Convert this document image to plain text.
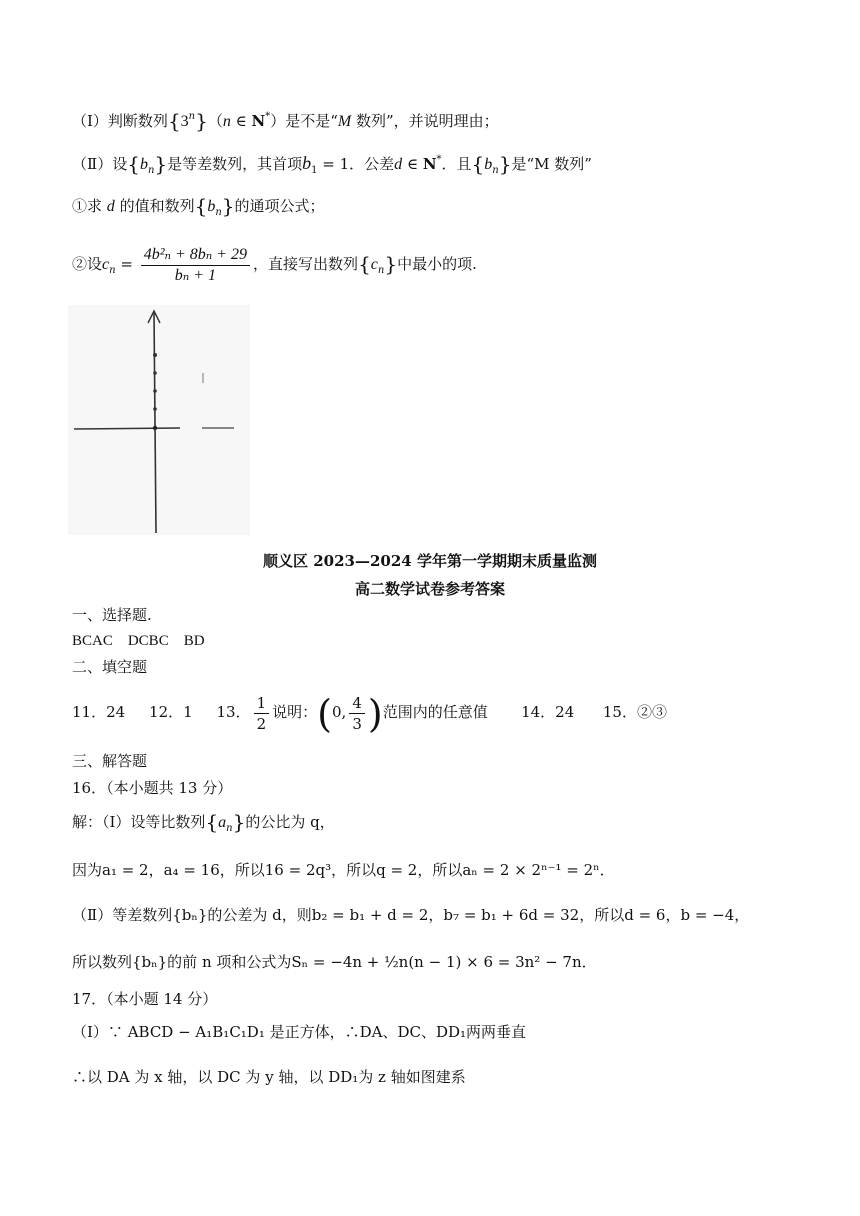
（Ⅰ）判断数列{3$^n$}（n ∈ N*）是不是“M 数列”，并说明理由；
（Ⅱ）设$\{b_n\}$是等差数列，其首项$b_1 = 1$．公差d ∈ N*．且$\{b_n\}$是“M 数列”
①求 d 的值和数列$\{b_n\}$的通项公式；
②设$c_n = \frac{\text{4b²ₙ + 8bₙ + 29}}{\text{bₙ + 1}}$ ，直接写出数列$\{c_n\}$中最小的项.
顺义区 2023—2024 学年第一学期期末质量监测
高二数学试卷参考答案
一、选择题.
BCAC　DCBC　BD
二、填空题
11．24 12．1 13． $\frac{1}{2}$ 说明：(0, $\frac{4}{3}$ )范围内的任意值 14．24 15．②③
三、解答题
16．（本小题共 13 分）
解：（Ⅰ）设等比数列$\{a_n\}$的公比为 q，
因为a₁ = 2，a₄ = 16，所以16 = 2q³，所以q = 2，所以aₙ = 2 × 2ⁿ⁻¹ = 2ⁿ．
（Ⅱ）等差数列{bₙ}的公差为 d，则b₂ = b₁ + d = 2，b₇ = b₁ + 6d = 32，所以d = 6，b = −4，
所以数列{bₙ}的前 n 项和公式为Sₙ = −4n + ½n(n − 1) × 6 = 3n² − 7n．
17．（本小题 14 分）
（Ⅰ）∵ ABCD − A₁B₁C₁D₁ 是正方体，∴DA、DC、DD₁两两垂直
∴以 DA 为 x 轴，以 DC 为 y 轴，以 DD₁为 z 轴如图建系
